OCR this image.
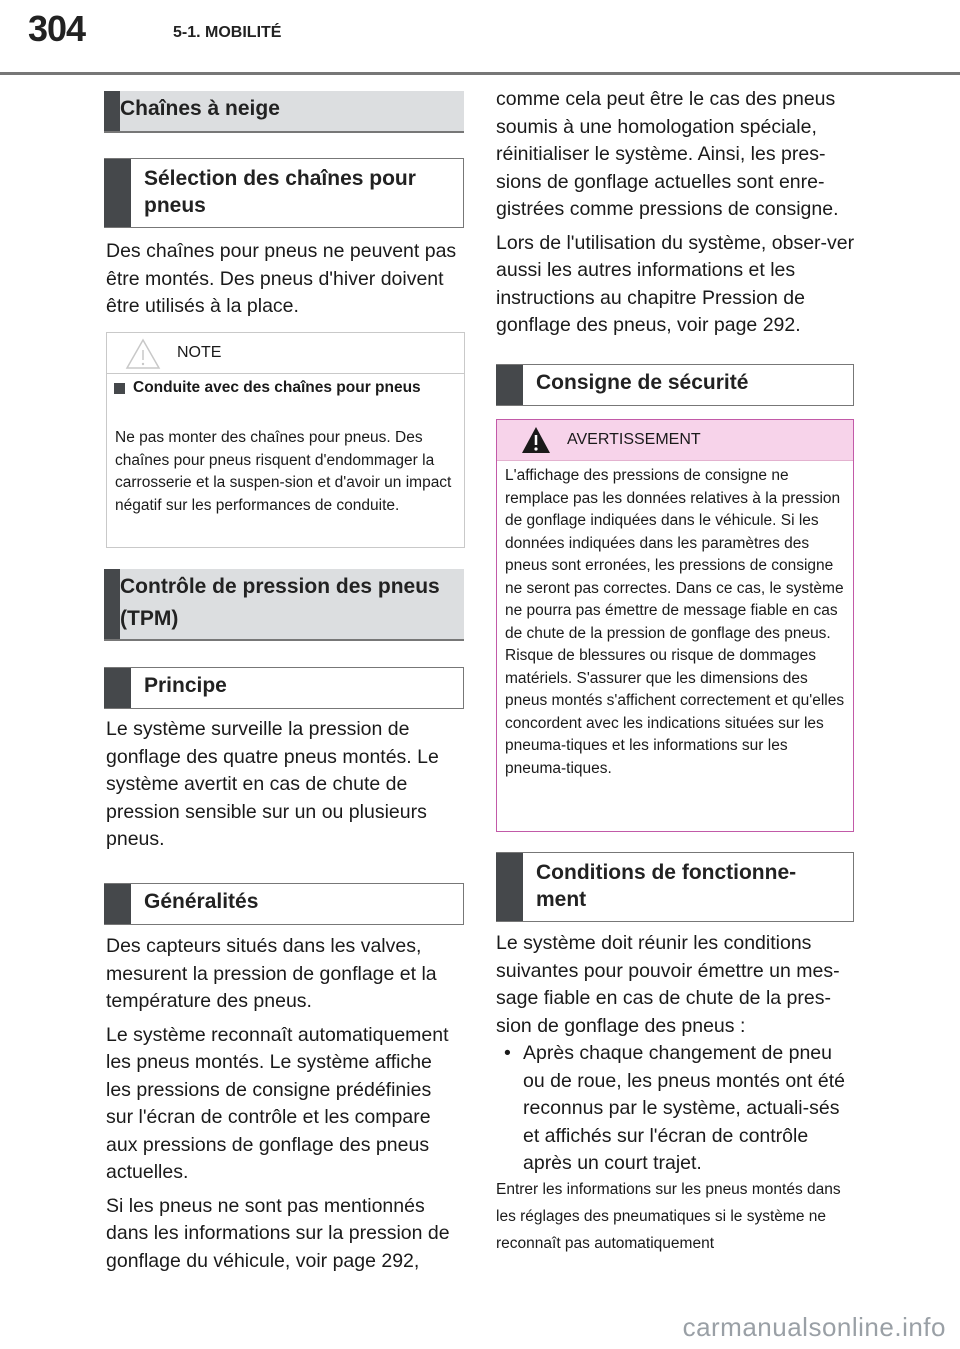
304	5-1. MOBILITÉ
Chaînes à neige
Sélection des chaînes pour pneus

Des chaînes pour pneus ne peuvent pas être montés. Des pneus d'hiver doivent être utilisés à la place.

NOTE
Conduite avec des chaînes pour pneus
Ne pas monter des chaînes pour pneus. Des chaînes pour pneus risquent d'endommager la carrosserie et la suspen-sion et d'avoir un impact négatif sur les performances de conduite.
Contrôle de pression des pneus (TPM)
Principe

Le système surveille la pression de gonflage des quatre pneus montés. Le système avertit en cas de chute de pression sensible sur un ou plusieurs pneus.

Généralités

Des capteurs situés dans les valves, mesurent la pression de gonflage et la température des pneus.

Le système reconnaît automatiquement les pneus montés. Le système affiche les pressions de consigne prédéfinies sur l'écran de contrôle et les compare aux pressions de gonflage des pneus actuelles.

Si les pneus ne sont pas mentionnés dans les informations sur la pression de gonflage du véhicule, voir page 292,

comme cela peut être le cas des pneus soumis à une homologation spéciale, réinitialiser le système. Ainsi, les pres-sions de gonflage actuelles sont enre-gistrées comme pressions de consigne.

Lors de l'utilisation du système, obser-ver aussi les autres informations et les instructions au chapitre Pression de gonflage des pneus, voir page 292.

Consigne de sécurité
AVERTISSEMENT
L'affichage des pressions de consigne ne remplace pas les données relatives à la pression de gonflage indiquées dans le véhicule. Si les données indiquées dans les paramètres des pneus sont erronées, les pressions de consigne ne seront pas correctes. Dans ce cas, le système ne pourra pas émettre de message fiable en cas de chute de la pression de gonflage des pneus. Risque de blessures ou risque de dommages matériels. S'assurer que les dimensions des pneus montés s'affichent correctement et qu'elles concordent avec les indications situées sur les pneuma-tiques et les informations sur les pneuma-tiques.
Conditions de fonctionne-ment

Le système doit réunir les conditions suivantes pour pouvoir émettre un mes-sage fiable en cas de chute de la pres-sion de gonflage des pneus :

• Après chaque changement de pneu ou de roue, les pneus montés ont été reconnus par le système, actuali-sés et affichés sur l'écran de contrôle après un court trajet.
Entrer les informations sur les pneus montés dans les réglages des pneumatiques si le système ne reconnaît pas automatiquement
carmanualsonline.info
